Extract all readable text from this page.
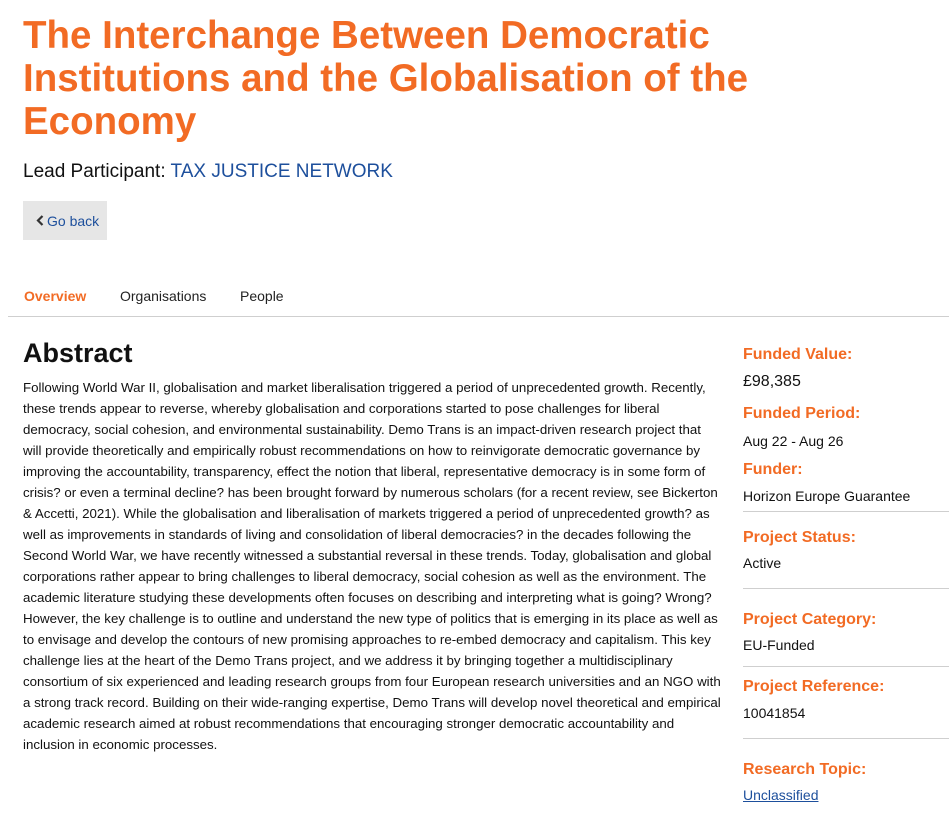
The Interchange Between Democratic Institutions and the Globalisation of the Economy
Lead Participant: TAX JUSTICE NETWORK
Go back
Overview Organisations People
Abstract

Following World War II, globalisation and market liberalisation triggered a period of unprecedented growth. Recently, these trends appear to reverse, whereby globalisation and corporations started to pose challenges for liberal democracy, social cohesion, and environmental sustainability. Demo Trans is an impact-driven research project that will provide theoretically and empirically robust recommendations on how to reinvigorate democratic governance by improving the accountability, transparency, effect the notion that liberal, representative democracy is in some form of crisis? or even a terminal decline? has been brought forward by numerous scholars (for a recent review, see Bickerton & Accetti, 2021). While the globalisation and liberalisation of markets triggered a period of unprecedented growth? as well as improvements in standards of living and consolidation of liberal democracies? in the decades following the Second World War, we have recently witnessed a substantial reversal in these trends. Today, globalisation and global corporations rather appear to bring challenges to liberal democracy, social cohesion as well as the environment. The academic literature studying these developments often focuses on describing and interpreting what is going? Wrong? However, the key challenge is to outline and understand the new type of politics that is emerging in its place as well as to envisage and develop the contours of new promising approaches to re-embed democracy and capitalism. This key challenge lies at the heart of the Demo Trans project, and we address it by bringing together a multidisciplinary consortium of six experienced and leading research groups from four European research universities and an NGO with a strong track record. Building on their wide-ranging expertise, Demo Trans will develop novel theoretical and empirical academic research aimed at robust recommendations that encouraging stronger democratic accountability and inclusion in economic processes.

Funded Value:
£98,385
Funded Period:
Aug 22 - Aug 26
Funder:
Horizon Europe Guarantee
Project Status:
Active
Project Category:
EU-Funded
Project Reference:
10041854
Research Topic:
Unclassified
